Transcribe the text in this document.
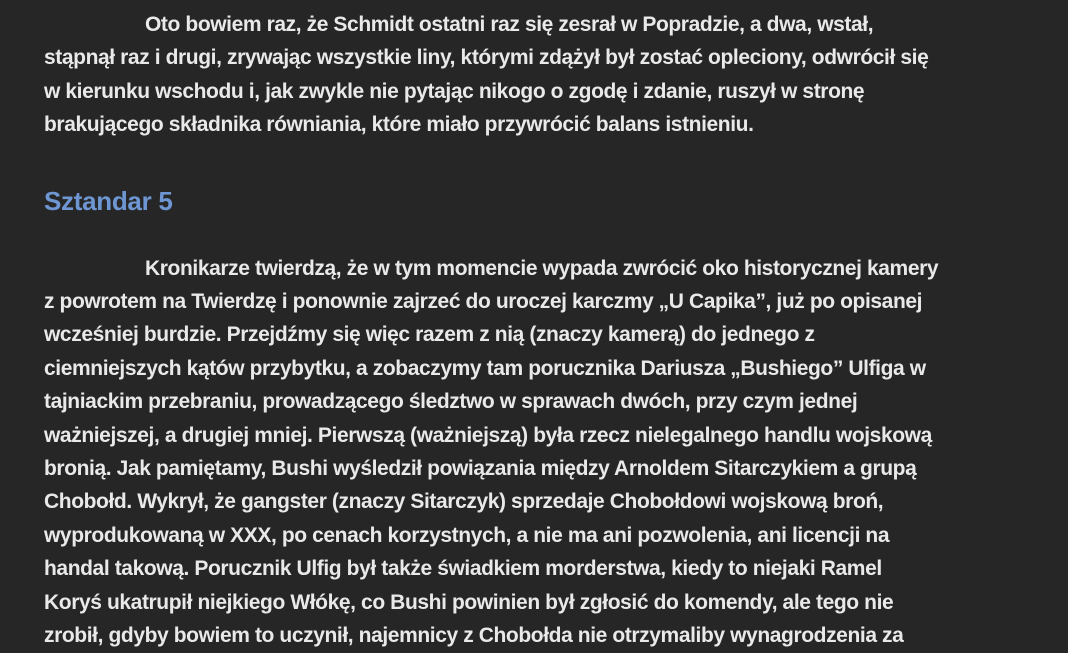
Oto bowiem raz, że Schmidt ostatni raz się zesrał w Popradzie, a dwa, wstał,
stąpnął raz i drugi, zrywając wszystkie liny, którymi zdążył był zostać opleciony, odwrócił się
w kierunku wschodu i, jak zwykle nie pytając nikogo o zgodę i zdanie, ruszył w stronę
brakującego składnika równiania, które miało przywrócić balans istnieniu.
Sztandar 5
Kronikarze twierdzą, że w tym momencie wypada zwrócić oko historycznej kamery
z powrotem na Twierdzę i ponownie zajrzeć do uroczej karczmy „U Capika”, już po opisanej
wcześniej burdzie. Przejdźmy się więc razem z nią (znaczy kamerą) do jednego z
ciemniejszych kątów przybytku, a zobaczymy tam porucznika Dariusza „Bushiego” Ulfiga w
tajniackim przebraniu, prowadzącego śledztwo w sprawach dwóch, przy czym jednej
ważniejszej, a drugiej mniej. Pierwszą (ważniejszą) była rzecz nielegalnego handlu wojskową
bronią. Jak pamiętamy, Bushi wyśledził powiązania między Arnoldem Sitarczykiem a grupą
Chobołd. Wykrył, że gangster (znaczy Sitarczyk) sprzedaje Chobołdowi wojskową broń,
wyprodukowaną w XXX, po cenach korzystnych, a nie ma ani pozwolenia, ani licencji na
handal takową. Porucznik Ulfig był także świadkiem morderstwa, kiedy to niejaki Ramel
Koryś ukatrupił niejkiego Włókę, co Bushi powinien był zgłosić do komendy, ale tego nie
zrobił, gdyby bowiem to uczynił, najemnicy z Chobołda nie otrzymaliby wynagrodzenia za
